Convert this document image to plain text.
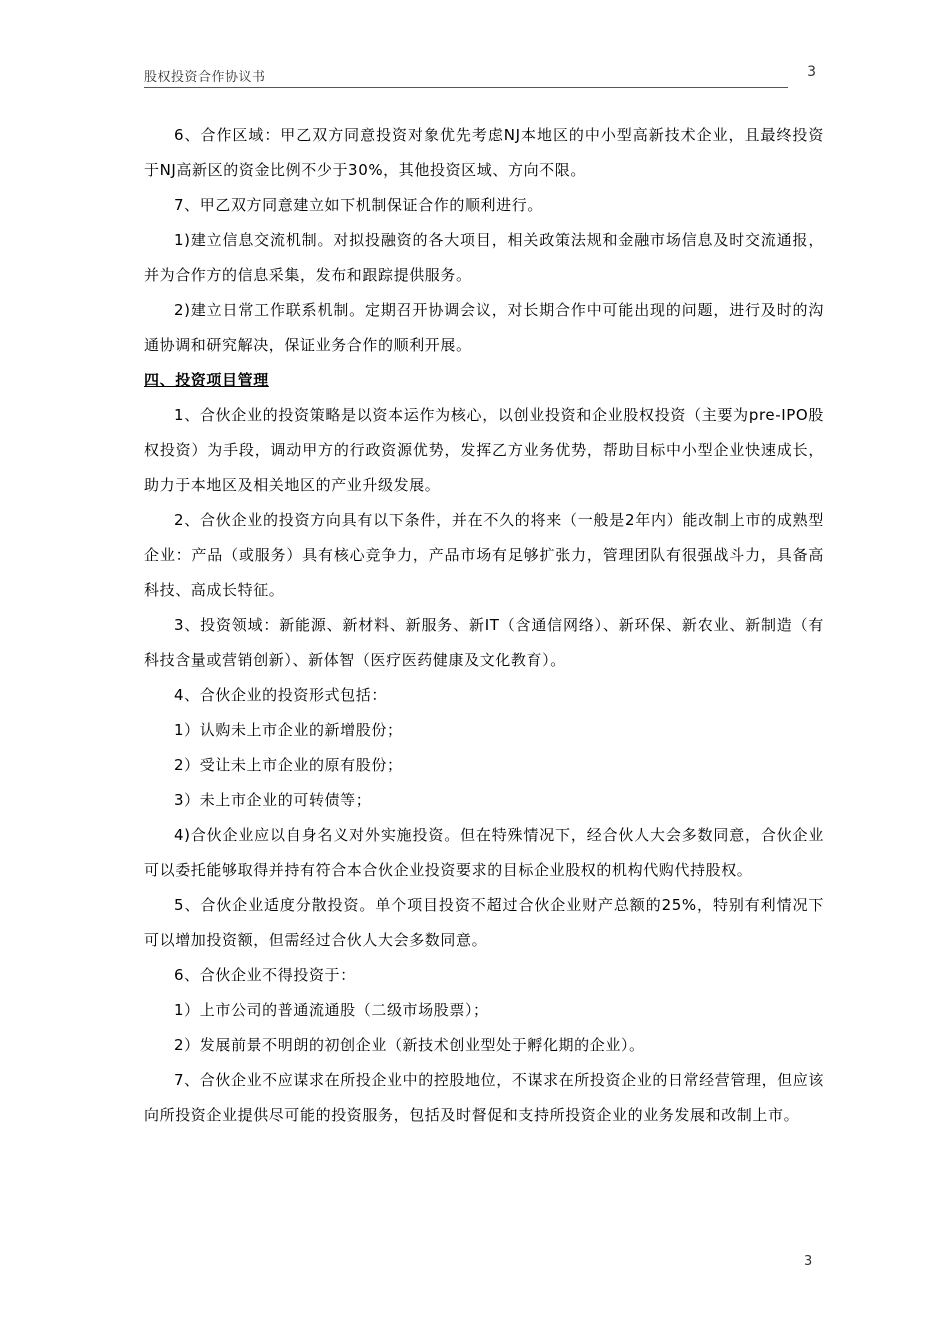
股权投资合作协议书	3

6、合作区域：甲乙双方同意投资对象优先考虑NJ本地区的中小型高新技术企业，且最终投资于NJ高新区的资金比例不少于30%，其他投资区域、方向不限。

7、甲乙双方同意建立如下机制保证合作的顺利进行。

1)建立信息交流机制。对拟投融资的各大项目，相关政策法规和金融市场信息及时交流通报，并为合作方的信息采集，发布和跟踪提供服务。

2)建立日常工作联系机制。定期召开协调会议，对长期合作中可能出现的问题，进行及时的沟通协调和研究解决，保证业务合作的顺利开展。

四、投资项目管理

1、合伙企业的投资策略是以资本运作为核心，以创业投资和企业股权投资（主要为pre-IPO股权投资）为手段，调动甲方的行政资源优势，发挥乙方业务优势，帮助目标中小型企业快速成长，助力于本地区及相关地区的产业升级发展。

2、合伙企业的投资方向具有以下条件，并在不久的将来（一般是2年内）能改制上市的成熟型企业：产品（或服务）具有核心竞争力，产品市场有足够扩张力，管理团队有很强战斗力，具备高科技、高成长特征。

3、投资领域：新能源、新材料、新服务、新IT（含通信网络）、新环保、新农业、新制造（有科技含量或营销创新）、新体智（医疗医药健康及文化教育）。

4、合伙企业的投资形式包括：

1）认购未上市企业的新增股份；

2）受让未上市企业的原有股份；

3）未上市企业的可转债等；

4)合伙企业应以自身名义对外实施投资。但在特殊情况下，经合伙人大会多数同意，合伙企业可以委托能够取得并持有符合本合伙企业投资要求的目标企业股权的机构代购代持股权。

5、合伙企业适度分散投资。单个项目投资不超过合伙企业财产总额的25%，特别有利情况下可以增加投资额，但需经过合伙人大会多数同意。

6、合伙企业不得投资于：

1）上市公司的普通流通股（二级市场股票）；

2）发展前景不明朗的初创企业（新技术创业型处于孵化期的企业）。

7、合伙企业不应谋求在所投企业中的控股地位，不谋求在所投资企业的日常经营管理，但应该向所投资企业提供尽可能的投资服务，包括及时督促和支持所投资企业的业务发展和改制上市。

3
